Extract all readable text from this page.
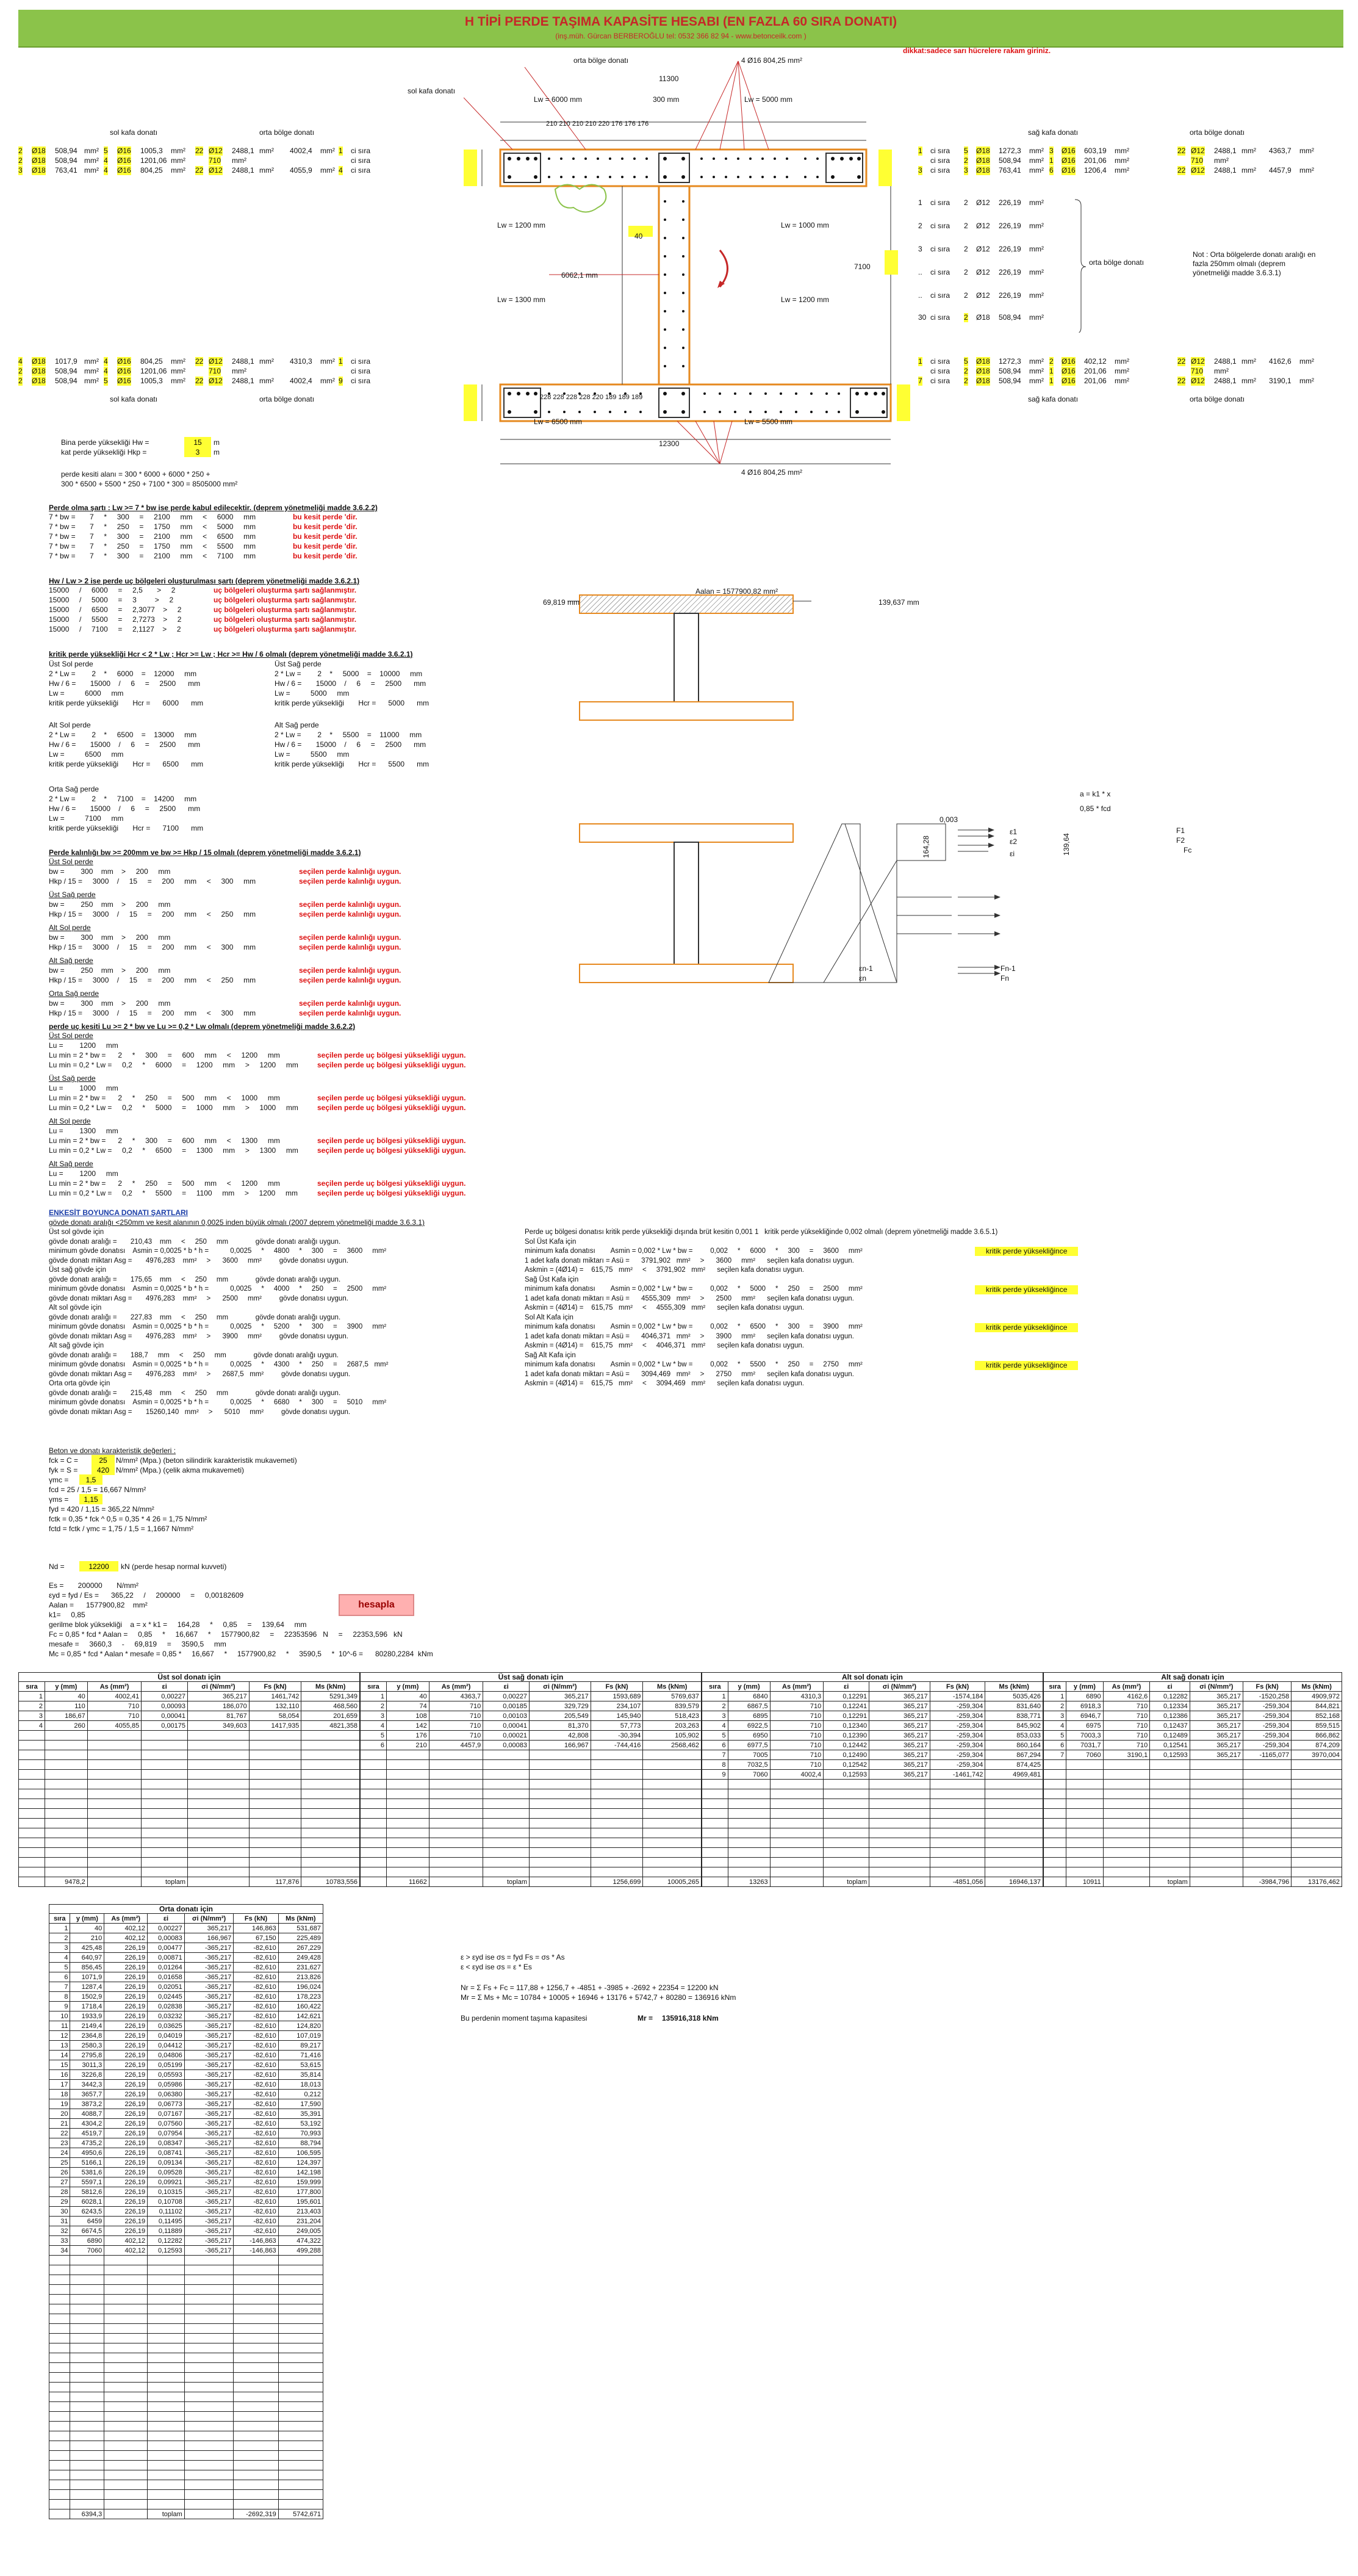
H TİPİ PERDE TAŞIMA KAPASİTE HESABI (EN FAZLA 60 SIRA DONATI)
(inş.müh. Gürcan BERBEROĞLU tel: 0532 366 82 94 - www.betonceilk.com )
dikkat:sadece sarı hücrelere rakam giriniz.
orta bölge donatı
sol kafa donatı
4 Ø16 804,25 mm²
4 Ø16 804,25 mm²
11300
12300
Lw = 6000 mm	300 mm	Lw = 5000 mm
Lw = 1200 mm	Lw = 1000 mm
Lw = 1300 mm	Lw = 1200 mm
Lw = 6500 mm	Lw = 5500 mm
6062,1 mm
40
7100
210 210 210 210 220 176 176 176
228 228 228 228 220 189 189 189
sol kafa donatı	orta bölge donatı
2 Ø18 508,94 mm² 5 Ø16 1005,3 mm² 22 Ø12 2488,1 mm² 4002,4 mm² 1 ci sıra
2 Ø18 508,94 mm² 4 Ø16 1201,06 mm²	710 mm²	ci sıra
3 Ø18 763,41 mm² 4 Ø16 804,25 mm² 22 Ø12 2488,1 mm² 4055,9 mm² 4 ci sıra
4 Ø18 1017,9 mm² 4 Ø16 804,25 mm² 22 Ø12 2488,1 mm² 4310,3 mm² 1 ci sıra
2 Ø18 508,94 mm² 4 Ø16 1201,06 mm²	710 mm²	ci sıra
2 Ø18 508,94 mm² 5 Ø16 1005,3 mm² 22 Ø12 2488,1 mm² 4002,4 mm² 9 ci sıra
sol kafa donatı	orta bölge donatı
sağ kafa donatı	orta bölge donatı
1 ci sıra 5 Ø18 1272,3 mm² 3 Ø16 603,19 mm²	22 Ø12 2488,1 mm² 4363,7 mm²
ci sıra 2 Ø18 508,94 mm² 1 Ø16 201,06 mm²	710 mm²
3 ci sıra 3 Ø18 763,41 mm² 6 Ø16 1206,4 mm²	22 Ø12 2488,1 mm² 4457,9 mm²
1 ci sıra 2 Ø12 226,19 mm²
2 ci sıra 2 Ø12 226,19 mm²
3 ci sıra 2 Ø12 226,19 mm²
.. ci sıra 2 Ø12 226,19 mm²
.. ci sıra 2 Ø12 226,19 mm²
30 ci sıra 2 Ø18 508,94 mm²
orta bölge donatı
Not : Orta bölgelerde donatı aralığı en
fazla 250mm olmalı (deprem
yönetmeliği madde 3.6.3.1)
1 ci sıra 5 Ø18 1272,3 mm² 2 Ø16 402,12 mm²	22 Ø12 2488,1 mm² 4162,6 mm²
ci sıra 2 Ø18 508,94 mm² 1 Ø16 201,06 mm²	710 mm²
7 ci sıra 2 Ø18 508,94 mm² 1 Ø16 201,06 mm²	22 Ø12 2488,1 mm² 3190,1 mm²
sağ kafa donatı	orta bölge donatı
Bina perde yüksekliği Hw =
15	m
kat perde yüksekliği Hkp =
3	m
perde kesiti alanı = 300 * 6000 + 6000 * 250 +
300 * 6500 + 5500 * 250 + 7100 * 300 = 8505000 mm²
Perde olma şartı : Lw >= 7 * bw ise perde kabul edilecektir. (deprem yönetmeliği madde 3.6.2.2)
7 * bw =       7     *     300     =     2100     mm     <     6000     mm	bu kesit perde 'dir.
7 * bw =       7     *     250     =     1750     mm     <     5000     mm	bu kesit perde 'dir.
7 * bw =       7     *     300     =     2100     mm     <     6500     mm	bu kesit perde 'dir.
7 * bw =       7     *     250     =     1750     mm     <     5500     mm	bu kesit perde 'dir.
7 * bw =       7     *     300     =     2100     mm     <     7100     mm	bu kesit perde 'dir.
Hw / Lw > 2 ise perde uç bölgeleri oluşturulması şartı (deprem yönetmeliği madde 3.6.2.1)
15000     /     6000     =     2,5       >     2	uç bölgeleri oluşturma şartı sağlanmıştır.
15000     /     5000     =     3         >     2	uç bölgeleri oluşturma şartı sağlanmıştır.
15000     /     6500     =     2,3077    >     2	uç bölgeleri oluşturma şartı sağlanmıştır.
15000     /     5500     =     2,7273    >     2	uç bölgeleri oluşturma şartı sağlanmıştır.
15000     /     7100     =     2,1127    >     2	uç bölgeleri oluşturma şartı sağlanmıştır.
kritik perde yüksekliği Hcr < 2 * Lw ; Hcr >= Lw ; Hcr >= Hw / 6 olmalı (deprem yönetmeliği madde 3.6.2.1)
Üst Sol perde
2 * Lw =        2    *     6000    =    12000     mm
Hw / 6 =       15000    /     6     =     2500      mm
Lw =          6000     mm
kritik perde yüksekliği       Hcr =      6000      mm
Üst Sağ perde
2 * Lw =        2    *     5000    =    10000     mm
Hw / 6 =       15000    /     6     =     2500      mm
Lw =          5000     mm
kritik perde yüksekliği       Hcr =      5000      mm
Alt Sol perde
2 * Lw =        2    *     6500    =    13000     mm
Hw / 6 =       15000    /     6     =     2500      mm
Lw =          6500     mm
kritik perde yüksekliği       Hcr =      6500      mm
Alt Sağ perde
2 * Lw =        2    *     5500    =    11000     mm
Hw / 6 =       15000    /     6     =     2500      mm
Lw =          5500     mm
kritik perde yüksekliği       Hcr =      5500      mm
Orta Sağ perde
2 * Lw =        2    *     7100    =    14200     mm
Hw / 6 =       15000    /     6     =     2500      mm
Lw =          7100     mm
kritik perde yüksekliği       Hcr =      7100      mm
Perde kalınlığı bw >= 200mm ve bw >= Hkp / 15 olmalı (deprem yönetmeliği madde 3.6.2.1)
Üst Sol perde
bw =        300    mm    >     200     mm	seçilen perde kalınlığı uygun.
Hkp / 15 =     3000    /     15     =     200     mm     <     300     mm	seçilen perde kalınlığı uygun.
Üst Sağ perde
bw =        250    mm    >     200     mm	seçilen perde kalınlığı uygun.
Hkp / 15 =     3000    /     15     =     200     mm     <     250     mm	seçilen perde kalınlığı uygun.
Alt Sol perde
bw =        300    mm    >     200     mm	seçilen perde kalınlığı uygun.
Hkp / 15 =     3000    /     15     =     200     mm     <     300     mm	seçilen perde kalınlığı uygun.
Alt Sağ perde
bw =        250    mm    >     200     mm	seçilen perde kalınlığı uygun.
Hkp / 15 =     3000    /     15     =     200     mm     <     250     mm	seçilen perde kalınlığı uygun.
Orta Sağ perde
bw =        300    mm    >     200     mm	seçilen perde kalınlığı uygun.
Hkp / 15 =     3000    /     15     =     200     mm     <     300     mm	seçilen perde kalınlığı uygun.
perde uç kesiti Lu >= 2 * bw ve Lu >= 0,2 * Lw olmalı (deprem yönetmeliği madde 3.6.2.2)
Üst Sol perde
Lu =        1200     mm
Lu min = 2 * bw =      2     *     300     =     600     mm     <     1200     mm	seçilen perde uç bölgesi yüksekliği uygun.
Lu min = 0,2 * Lw =     0,2     *     6000     =     1200     mm     >     1200     mm	seçilen perde uç bölgesi yüksekliği uygun.
Üst Sağ perde
Lu =        1000     mm
Lu min = 2 * bw =      2     *     250     =     500     mm     <     1000     mm	seçilen perde uç bölgesi yüksekliği uygun.
Lu min = 0,2 * Lw =     0,2     *     5000     =     1000     mm     >     1000     mm	seçilen perde uç bölgesi yüksekliği uygun.
Alt Sol perde
Lu =        1300     mm
Lu min = 2 * bw =      2     *     300     =     600     mm     <     1300     mm	seçilen perde uç bölgesi yüksekliği uygun.
Lu min = 0,2 * Lw =     0,2     *     6500     =     1300     mm     >     1300     mm	seçilen perde uç bölgesi yüksekliği uygun.
Alt Sağ perde
Lu =        1200     mm
Lu min = 2 * bw =      2     *     250     =     500     mm     <     1200     mm	seçilen perde uç bölgesi yüksekliği uygun.
Lu min = 0,2 * Lw =     0,2     *     5500     =     1100     mm     >     1200     mm	seçilen perde uç bölgesi yüksekliği uygun.
ENKESİT BOYUNCA DONATI ŞARTLARI
gövde donatı aralığı <250mm ve kesit alanının 0,0025 inden büyük olmalı (2007 deprem yönetmeliği madde 3.6.3.1)
Üst sol gövde için
gövde donatı aralığı =       210,43    mm     <     250     mm              gövde donatı aralığı uygun.
minimum gövde donatısı    Asmin = 0,0025 * b * h =           0,0025     *     4800     *     300     =     3600     mm²
gövde donatı miktarı Asg =       4976,283    mm²     >      3600     mm²         gövde donatısı uygun.
Üst sağ gövde için
gövde donatı aralığı =       175,65    mm     <     250     mm              gövde donatı aralığı uygun.
minimum gövde donatısı    Asmin = 0,0025 * b * h =           0,0025     *     4000     *     250     =     2500     mm²
gövde donatı miktarı Asg =       4976,283    mm²     >      2500     mm²         gövde donatısı uygun.
Alt sol gövde için
gövde donatı aralığı =       227,83    mm     <     250     mm              gövde donatı aralığı uygun.
minimum gövde donatısı    Asmin = 0,0025 * b * h =           0,0025     *     5200     *     300     =     3900     mm²
gövde donatı miktarı Asg =       4976,283    mm²     >      3900     mm²         gövde donatısı uygun.
Alt sağ gövde için
gövde donatı aralığı =       188,7     mm     <     250     mm              gövde donatı aralığı uygun.
minimum gövde donatısı    Asmin = 0,0025 * b * h =           0,0025     *     4300     *     250     =     2687,5   mm²
gövde donatı miktarı Asg =       4976,283    mm²     >      2687,5   mm²         gövde donatısı uygun.
Orta orta gövde için
gövde donatı aralığı =       215,48    mm     <     250     mm              gövde donatı aralığı uygun.
minimum gövde donatısı    Asmin = 0,0025 * b * h =           0,0025     *     6680     *     300     =     5010     mm²
gövde donatı miktarı Asg =       15260,140   mm²     >      5010     mm²         gövde donatısı uygun.
Perde uç bölgesi donatısı kritik perde yüksekliği dışında brüt kesitin 0,001 1   kritik perde yüksekliğinde 0,002 olmalı (deprem yönetmeliği madde 3.6.5.1)
Sol Üst Kafa için
minimum kafa donatısı        Asmin = 0,002 * Lw * bw =         0,002     *     6000     *     300     =     3600     mm²
1 adet kafa donatı miktarı = Asü =      3791,902   mm²     >      3600     mm²      seçilen kafa donatısı uygun.
Askmin = (4Ø14) =    615,75   mm²     <     3791,902   mm²      seçilen kafa donatısı uygun.
Sağ Üst Kafa için
minimum kafa donatısı        Asmin = 0,002 * Lw * bw =         0,002     *     5000     *     250     =     2500     mm²
1 adet kafa donatı miktarı = Asü =      4555,309   mm²     >      2500     mm²      seçilen kafa donatısı uygun.
Askmin = (4Ø14) =    615,75   mm²     <     4555,309   mm²      seçilen kafa donatısı uygun.
Sol Alt Kafa için
minimum kafa donatısı        Asmin = 0,002 * Lw * bw =         0,002     *     6500     *     300     =     3900     mm²
1 adet kafa donatı miktarı = Asü =      4046,371   mm²     >      3900     mm²      seçilen kafa donatısı uygun.
Askmin = (4Ø14) =    615,75   mm²     <     4046,371   mm²      seçilen kafa donatısı uygun.
Sağ Alt Kafa için
minimum kafa donatısı        Asmin = 0,002 * Lw * bw =         0,002     *     5500     *     250     =     2750     mm²
1 adet kafa donatı miktarı = Asü =      3094,469   mm²     >      2750     mm²      seçilen kafa donatısı uygun.
Askmin = (4Ø14) =    615,75   mm²     <     3094,469   mm²      seçilen kafa donatısı uygun.
kritik perde yüksekliğince
kritik perde yüksekliğince
kritik perde yüksekliğince
kritik perde yüksekliğince
Beton ve donatı karakteristik değerleri :
fck = C =
25	N/mm² (Mpa.) (beton silindirik karakteristik mukavemeti)
fyk = S =
420	N/mm² (Mpa.) (çelik akma mukavemeti)
γmc =
1,5
fcd = 25 / 1,5 = 16,667 N/mm²
γms =
1,15
fyd = 420 / 1,15 = 365,22 N/mm²
fctk = 0,35 * fck ^ 0,5 = 0,35 * 4 26 = 1,75 N/mm²
fctd = fctk / γmc = 1,75 / 1,5 = 1,1667 N/mm²
Nd =
12200	kN (perde hesap normal kuvveti)
Es =       200000       N/mm²
εyd = fyd / Es =      365,22     /     200000     =     0,00182609
Aalan =      1577900,82    mm²
k1=     0,85
gerilme blok yüksekliği    a = x * k1 =     164,28     *     0,85     =     139,64     mm
Fc = 0,85 * fcd * Aalan =     0,85     *     16,667     *     1577900,82     =     22353596   N     =     22353,596   kN
mesafe =     3660,3     -     69,819     =     3590,5     mm
Mc = 0,85 * fcd * Aalan * mesafe = 0,85 *     16,667     *     1577900,82     *     3590,5     *  10^-6 =      80280,2284  kNm
hesapla
Aalan = 1577900,82 mm²
69,819 mm	139,637 mm
0,003
a = k1 * x
0,85 * fcd
164,28	139,64
F1
F2
Fc
Fn-1
Fn
ε1
ε2
εi
εn-1
εn
Üst sol donatı için
sıra	y (mm)	As (mm²)	εi	σi (N/mm²)	Fs (kN)	Ms (kNm)
1	40	4002,41	0,00227	365,217	1461,742	5291,349
2	110	710	0,00093	186,070	132,110	468,560
3	186,67	710	0,00041	81,767	58,054	201,659
4	260	4055,85	0,00175	349,603	1417,935	4821,358

	9478,2		toplam		117,876	10783,556
Üst sağ donatı için
sıra	y (mm)	As (mm²)	εi	σi (N/mm²)	Fs (kN)	Ms (kNm)
1	40	4363,7	0,00227	365,217	1593,689	5769,637
2	74	710	0,00185	329,729	234,107	839,579
3	108	710	0,00103	205,549	145,940	518,423
4	142	710	0,00041	81,370	57,773	203,263
5	176	710	0,00021	42,808	-30,394	105,902
6	210	4457,9	0,00083	166,967	-744,416	2568,462

	11662		toplam		1256,699	10005,265
Alt sol donatı için
sıra	y (mm)	As (mm²)	εi	σi (N/mm²)	Fs (kN)	Ms (kNm)
1	6840	4310,3	0,12291	365,217	-1574,184	5035,426
2	6867,5	710	0,12241	365,217	-259,304	831,640
3	6895	710	0,12291	365,217	-259,304	838,771
4	6922,5	710	0,12340	365,217	-259,304	845,902
5	6950	710	0,12390	365,217	-259,304	853,033
6	6977,5	710	0,12442	365,217	-259,304	860,164
7	7005	710	0,12490	365,217	-259,304	867,294
8	7032,5	710	0,12542	365,217	-259,304	874,425
9	7060	4002,4	0,12593	365,217	-1461,742	4969,481

	13263		toplam		-4851,056	16946,137
Alt sağ donatı için
sıra	y (mm)	As (mm²)	εi	σi (N/mm²)	Fs (kN)	Ms (kNm)
1	6890	4162,6	0,12282	365,217	-1520,258	4909,972
2	6918,3	710	0,12334	365,217	-259,304	844,821
3	6946,7	710	0,12386	365,217	-259,304	852,168
4	6975	710	0,12437	365,217	-259,304	859,515
5	7003,3	710	0,12489	365,217	-259,304	866,862
6	7031,7	710	0,12541	365,217	-259,304	874,209
7	7060	3190,1	0,12593	365,217	-1165,077	3970,004

	10911		toplam		-3984,796	13176,462
Orta donatı için
sıra	y (mm)	As (mm²)	εi	σi (N/mm²)	Fs (kN)	Ms (kNm)
1	40	402,12	0,00227	365,217	146,863	531,687
2	210	402,12	0,00083	166,967	67,150	225,489
3	425,48	226,19	0,00477	-365,217	-82,610	267,229
4	640,97	226,19	0,00871	-365,217	-82,610	249,428
5	856,45	226,19	0,01264	-365,217	-82,610	231,627
6	1071,9	226,19	0,01658	-365,217	-82,610	213,826
7	1287,4	226,19	0,02051	-365,217	-82,610	196,024
8	1502,9	226,19	0,02445	-365,217	-82,610	178,223
9	1718,4	226,19	0,02838	-365,217	-82,610	160,422
10	1933,9	226,19	0,03232	-365,217	-82,610	142,621
11	2149,4	226,19	0,03625	-365,217	-82,610	124,820
12	2364,8	226,19	0,04019	-365,217	-82,610	107,019
13	2580,3	226,19	0,04412	-365,217	-82,610	89,217
14	2795,8	226,19	0,04806	-365,217	-82,610	71,416
15	3011,3	226,19	0,05199	-365,217	-82,610	53,615
16	3226,8	226,19	0,05593	-365,217	-82,610	35,814
17	3442,3	226,19	0,05986	-365,217	-82,610	18,013
18	3657,7	226,19	0,06380	-365,217	-82,610	0,212
19	3873,2	226,19	0,06773	-365,217	-82,610	17,590
20	4088,7	226,19	0,07167	-365,217	-82,610	35,391
21	4304,2	226,19	0,07560	-365,217	-82,610	53,192
22	4519,7	226,19	0,07954	-365,217	-82,610	70,993
23	4735,2	226,19	0,08347	-365,217	-82,610	88,794
24	4950,6	226,19	0,08741	-365,217	-82,610	106,595
25	5166,1	226,19	0,09134	-365,217	-82,610	124,397
26	5381,6	226,19	0,09528	-365,217	-82,610	142,198
27	5597,1	226,19	0,09921	-365,217	-82,610	159,999
28	5812,6	226,19	0,10315	-365,217	-82,610	177,800
29	6028,1	226,19	0,10708	-365,217	-82,610	195,601
30	6243,5	226,19	0,11102	-365,217	-82,610	213,403
31	6459	226,19	0,11495	-365,217	-82,610	231,204
32	6674,5	226,19	0,11889	-365,217	-82,610	249,005
33	6890	402,12	0,12282	-365,217	-146,863	474,322
34	7060	402,12	0,12593	-365,217	-146,863	499,288

	6394,3		toplam		-2692,319	5742,671
ε > εyd ise σs = fyd Fs = σs * As
ε < εyd ise σs = ε * Es
Nr = Σ Fs + Fc = 117,88 + 1256,7 + -4851 + -3985 + -2692 + 22354 = 12200 kN
Mr = Σ Ms + Mc = 10784 + 10005 + 16946 + 13176 + 5742,7 + 80280 = 136916 kNm
Bu perdenin moment taşıma kapasitesi	Mr = 135916,318 kNm
